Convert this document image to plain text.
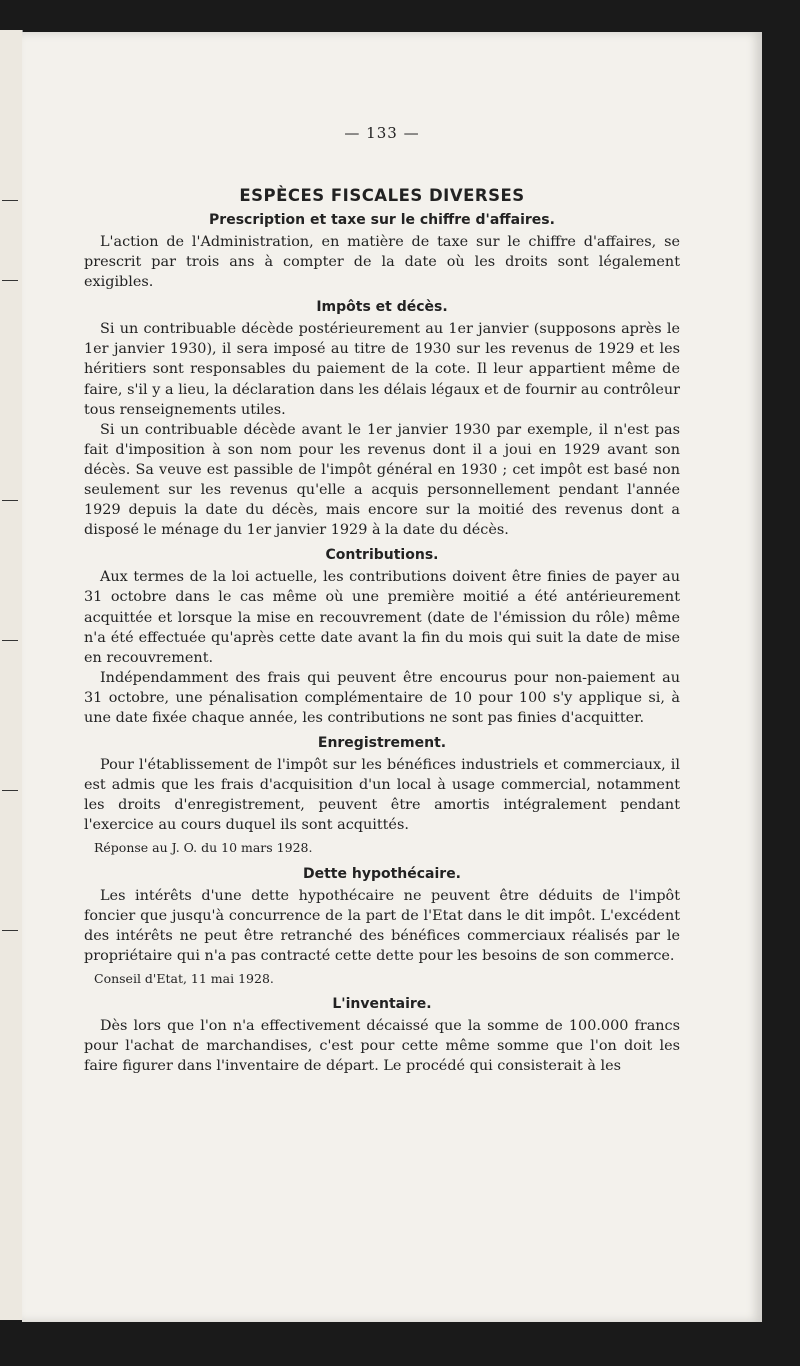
— 133 —
ESPÈCES FISCALES DIVERSES
Prescription et taxe sur le chiffre d'affaires.

L'action de l'Administration, en matière de taxe sur le chiffre d'affaires, se prescrit par trois ans à compter de la date où les droits sont légalement exigibles.

Impôts et décès.

Si un contribuable décède postérieurement au 1er janvier (supposons après le 1er janvier 1930), il sera imposé au titre de 1930 sur les revenus de 1929 et les héritiers sont responsables du paiement de la cote. Il leur appartient même de faire, s'il y a lieu, la déclaration dans les délais légaux et de fournir au contrôleur tous renseignements utiles.

Si un contribuable décède avant le 1er janvier 1930 par exemple, il n'est pas fait d'imposition à son nom pour les revenus dont il a joui en 1929 avant son décès. Sa veuve est passible de l'impôt général en 1930 ; cet impôt est basé non seulement sur les revenus qu'elle a acquis personnellement pendant l'année 1929 depuis la date du décès, mais encore sur la moitié des revenus dont a disposé le ménage du 1er janvier 1929 à la date du décès.

Contributions.

Aux termes de la loi actuelle, les contributions doivent être finies de payer au 31 octobre dans le cas même où une première moitié a été antérieurement acquittée et lorsque la mise en recouvrement (date de l'émission du rôle) même n'a été effectuée qu'après cette date avant la fin du mois qui suit la date de mise en recouvrement.

Indépendamment des frais qui peuvent être encourus pour non-paiement au 31 octobre, une pénalisation complémentaire de 10 pour 100 s'y applique si, à une date fixée chaque année, les contributions ne sont pas finies d'acquitter.

Enregistrement.

Pour l'établissement de l'impôt sur les bénéfices industriels et commerciaux, il est admis que les frais d'acquisition d'un local à usage commercial, notamment les droits d'enregistrement, peuvent être amortis intégralement pendant l'exercice au cours duquel ils sont acquittés.

Réponse au J. O. du 10 mars 1928.

Dette hypothécaire.

Les intérêts d'une dette hypothécaire ne peuvent être déduits de l'impôt foncier que jusqu'à concurrence de la part de l'Etat dans le dit impôt. L'excédent des intérêts ne peut être retranché des bénéfices commerciaux réalisés par le propriétaire qui n'a pas contracté cette dette pour les besoins de son commerce.

Conseil d'Etat, 11 mai 1928.

L'inventaire.

Dès lors que l'on n'a effectivement décaissé que la somme de 100.000 francs pour l'achat de marchandises, c'est pour cette même somme que l'on doit les faire figurer dans l'inventaire de départ. Le procédé qui consisterait à les
